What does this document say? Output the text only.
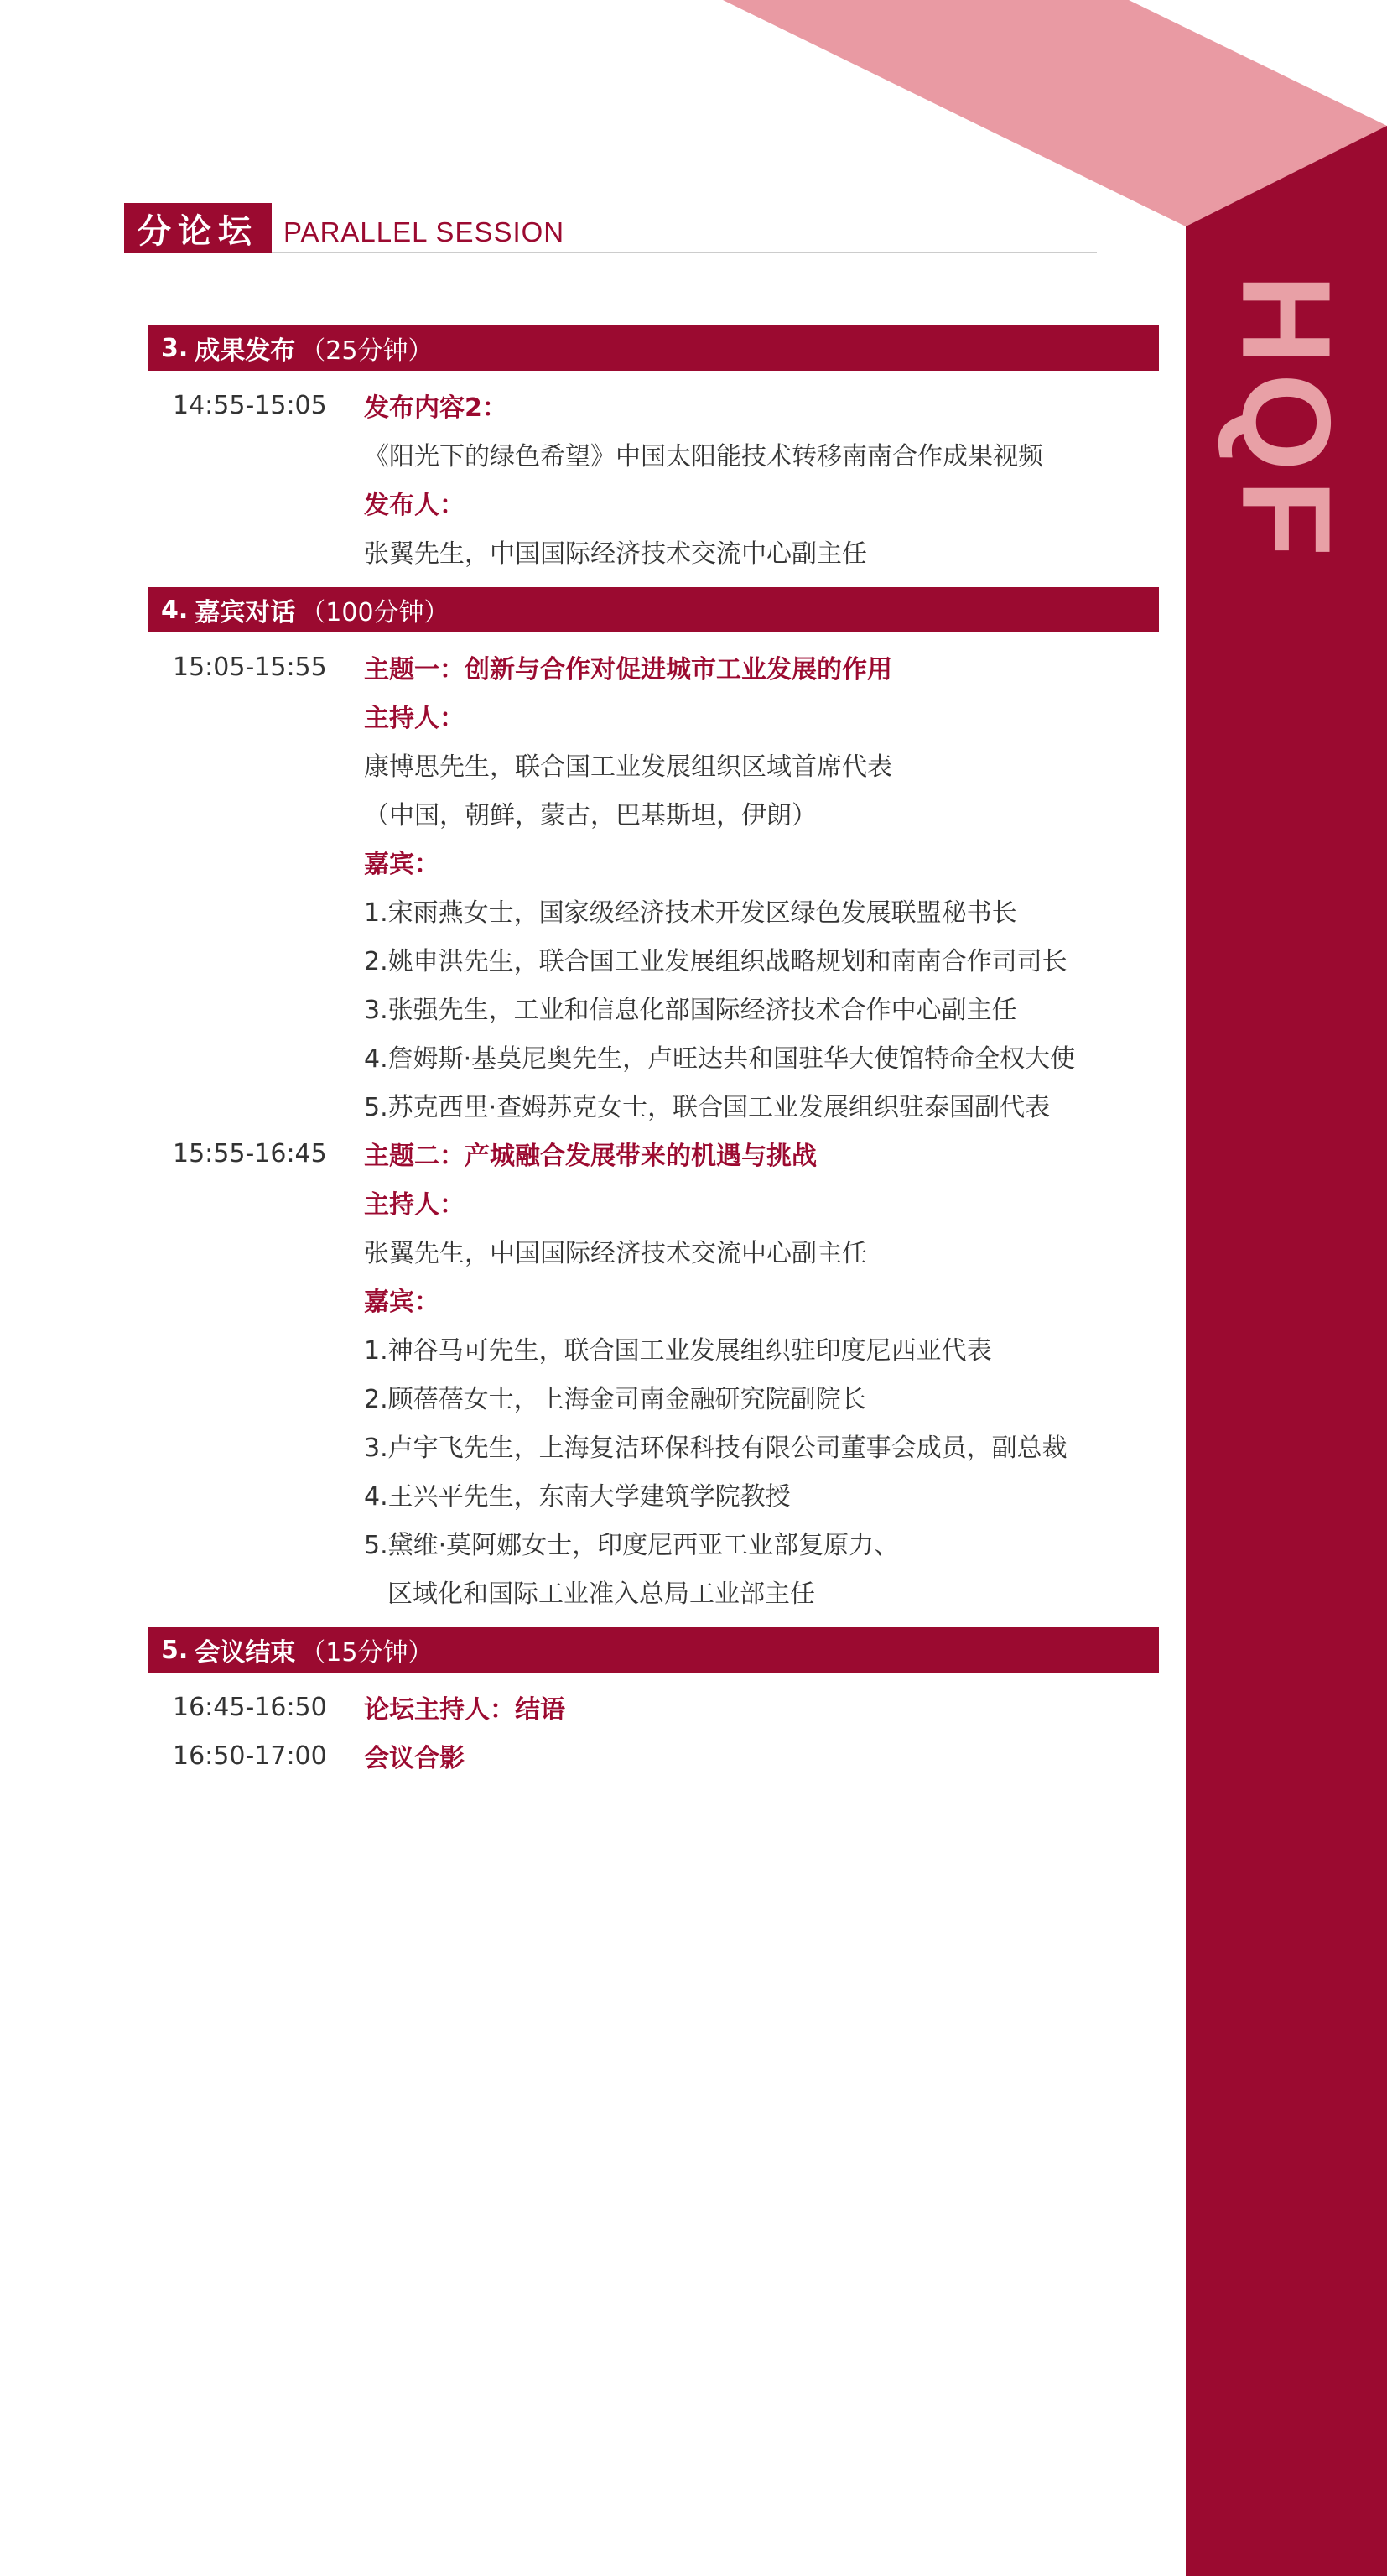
HQF
分论坛 PARALLEL SESSION
3. 成果发布 （25分钟）
14:55-15:05	发布内容2：
《阳光下的绿色希望》中国太阳能技术转移南南合作成果视频
发布人：
张翼先生，中国国际经济技术交流中心副主任
4. 嘉宾对话 （100分钟）
15:05-15:55	主题一：创新与合作对促进城市工业发展的作用
主持人：
康博思先生，联合国工业发展组织区域首席代表
（中国，朝鲜，蒙古，巴基斯坦，伊朗）
嘉宾：
1.宋雨燕女士，国家级经济技术开发区绿色发展联盟秘书长
2.姚申洪先生，联合国工业发展组织战略规划和南南合作司司长
3.张强先生，工业和信息化部国际经济技术合作中心副主任
4.詹姆斯·基莫尼奥先生，卢旺达共和国驻华大使馆特命全权大使
5.苏克西里·查姆苏克女士，联合国工业发展组织驻泰国副代表
15:55-16:45	主题二：产城融合发展带来的机遇与挑战
主持人：
张翼先生，中国国际经济技术交流中心副主任
嘉宾：
1.神谷马可先生，联合国工业发展组织驻印度尼西亚代表
2.顾蓓蓓女士，上海金司南金融研究院副院长
3.卢宇飞先生，上海复洁环保科技有限公司董事会成员，副总裁
4.王兴平先生，东南大学建筑学院教授
5.黛维·莫阿娜女士，印度尼西亚工业部复原力、
区域化和国际工业准入总局工业部主任
5. 会议结束 （15分钟）
16:45-16:50	论坛主持人：结语
16:50-17:00	会议合影
